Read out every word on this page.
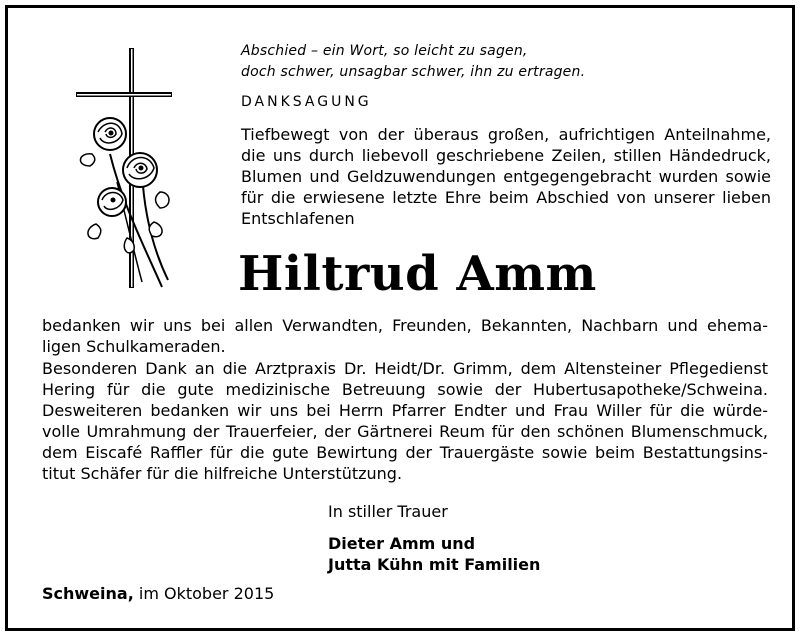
Abschied – ein Wort, so leicht zu sagen,
doch schwer, unsagbar schwer, ihn zu ertragen.
DANKSAGUNG
Tiefbewegt von der überaus großen, aufrichtigen Anteilnahme,
die uns durch liebevoll geschriebene Zeilen, stillen Händedruck,
Blumen und Geldzuwendungen entgegengebracht wurden sowie
für die erwiesene letzte Ehre beim Abschied von unserer lieben
Entschlafenen
Hiltrud Amm
bedanken wir uns bei allen Verwandten, Freunden, Bekannten, Nachbarn und ehema-
ligen Schulkameraden.
Besonderen Dank an die Arztpraxis Dr. Heidt/Dr. Grimm, dem Altensteiner Pflegedienst
Hering für die gute medizinische Betreuung sowie der Hubertusapotheke/Schweina.
Desweiteren bedanken wir uns bei Herrn Pfarrer Endter und Frau Willer für die würde-
volle Umrahmung der Trauerfeier, der Gärtnerei Reum für den schönen Blumenschmuck,
dem Eiscafé Raffler für die gute Bewirtung der Trauergäste sowie beim Bestattungsins-
titut Schäfer für die hilfreiche Unterstützung.
In stiller Trauer
Dieter Amm und
Jutta Kühn mit Familien
Schweina, im Oktober 2015
